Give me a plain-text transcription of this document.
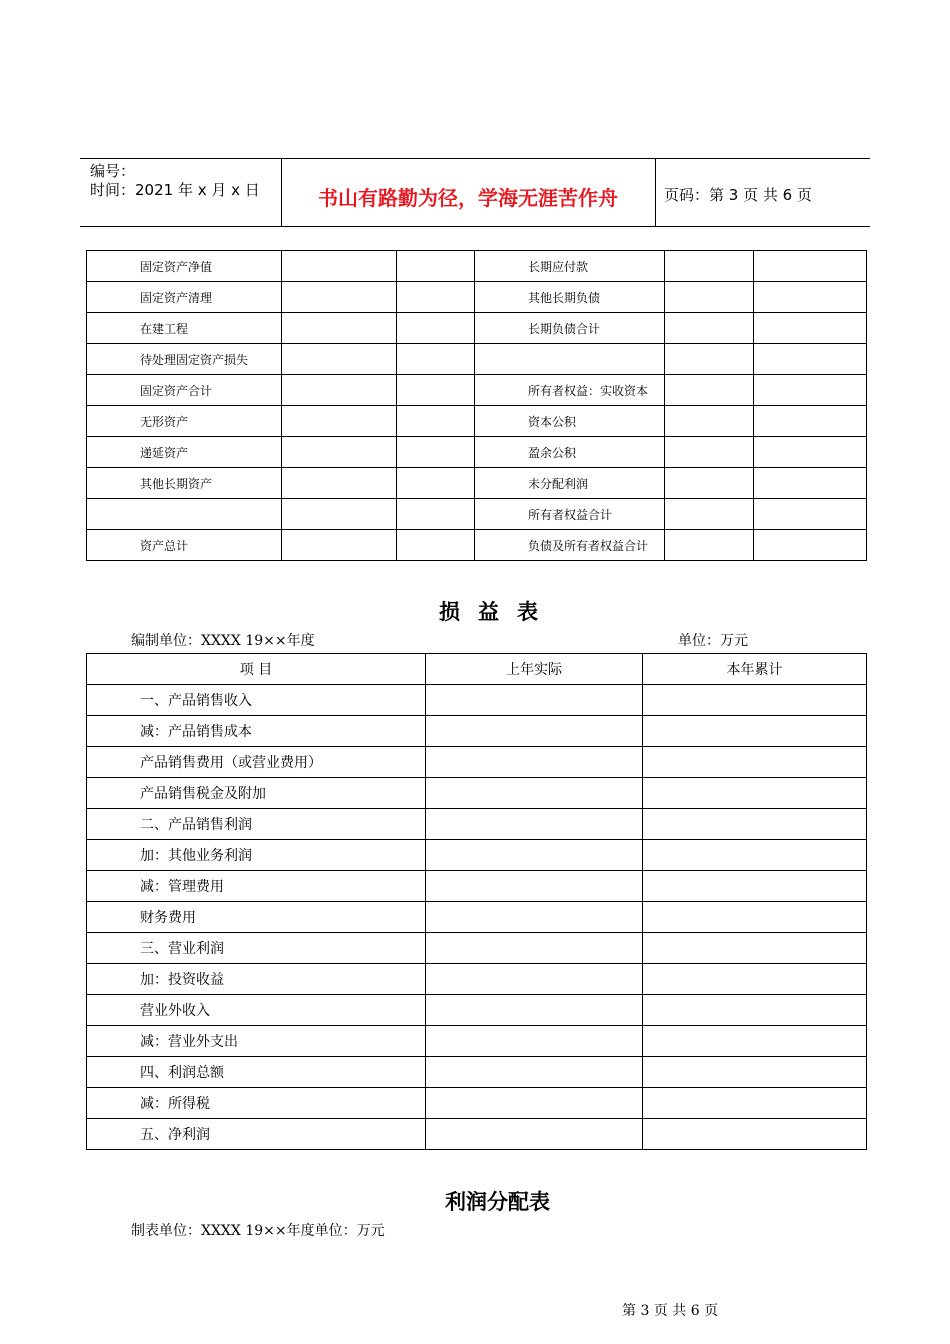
编号：
时间：2021 年 x 月 x 日	书山有路勤为径，学海无涯苦作舟	页码：第 3 页 共 6 页
固定资产净值			长期应付款		
固定资产清理			其他长期负债		
在建工程			长期负债合计		
待处理固定资产损失					
固定资产合计			所有者权益：实收资本		
无形资产			资本公积		
递延资产			盈余公积		
其他长期资产			未分配利润		
			所有者权益合计		
资产总计			负债及所有者权益合计		
损益表
编制单位：XXXX 19××年度	单位：万元
项 目	上年实际	本年累计
一、产品销售收入		
减：产品销售成本		
产品销售费用（或营业费用）		
产品销售税金及附加		
二、产品销售利润		
加：其他业务利润		
减：管理费用		
财务费用		
三、营业利润		
加：投资收益		
营业外收入		
减：营业外支出		
四、利润总额		
减：所得税		
五、净利润		
利润分配表
制表单位：XXXX 19××年度单位：万元
第 3 页 共 6 页
